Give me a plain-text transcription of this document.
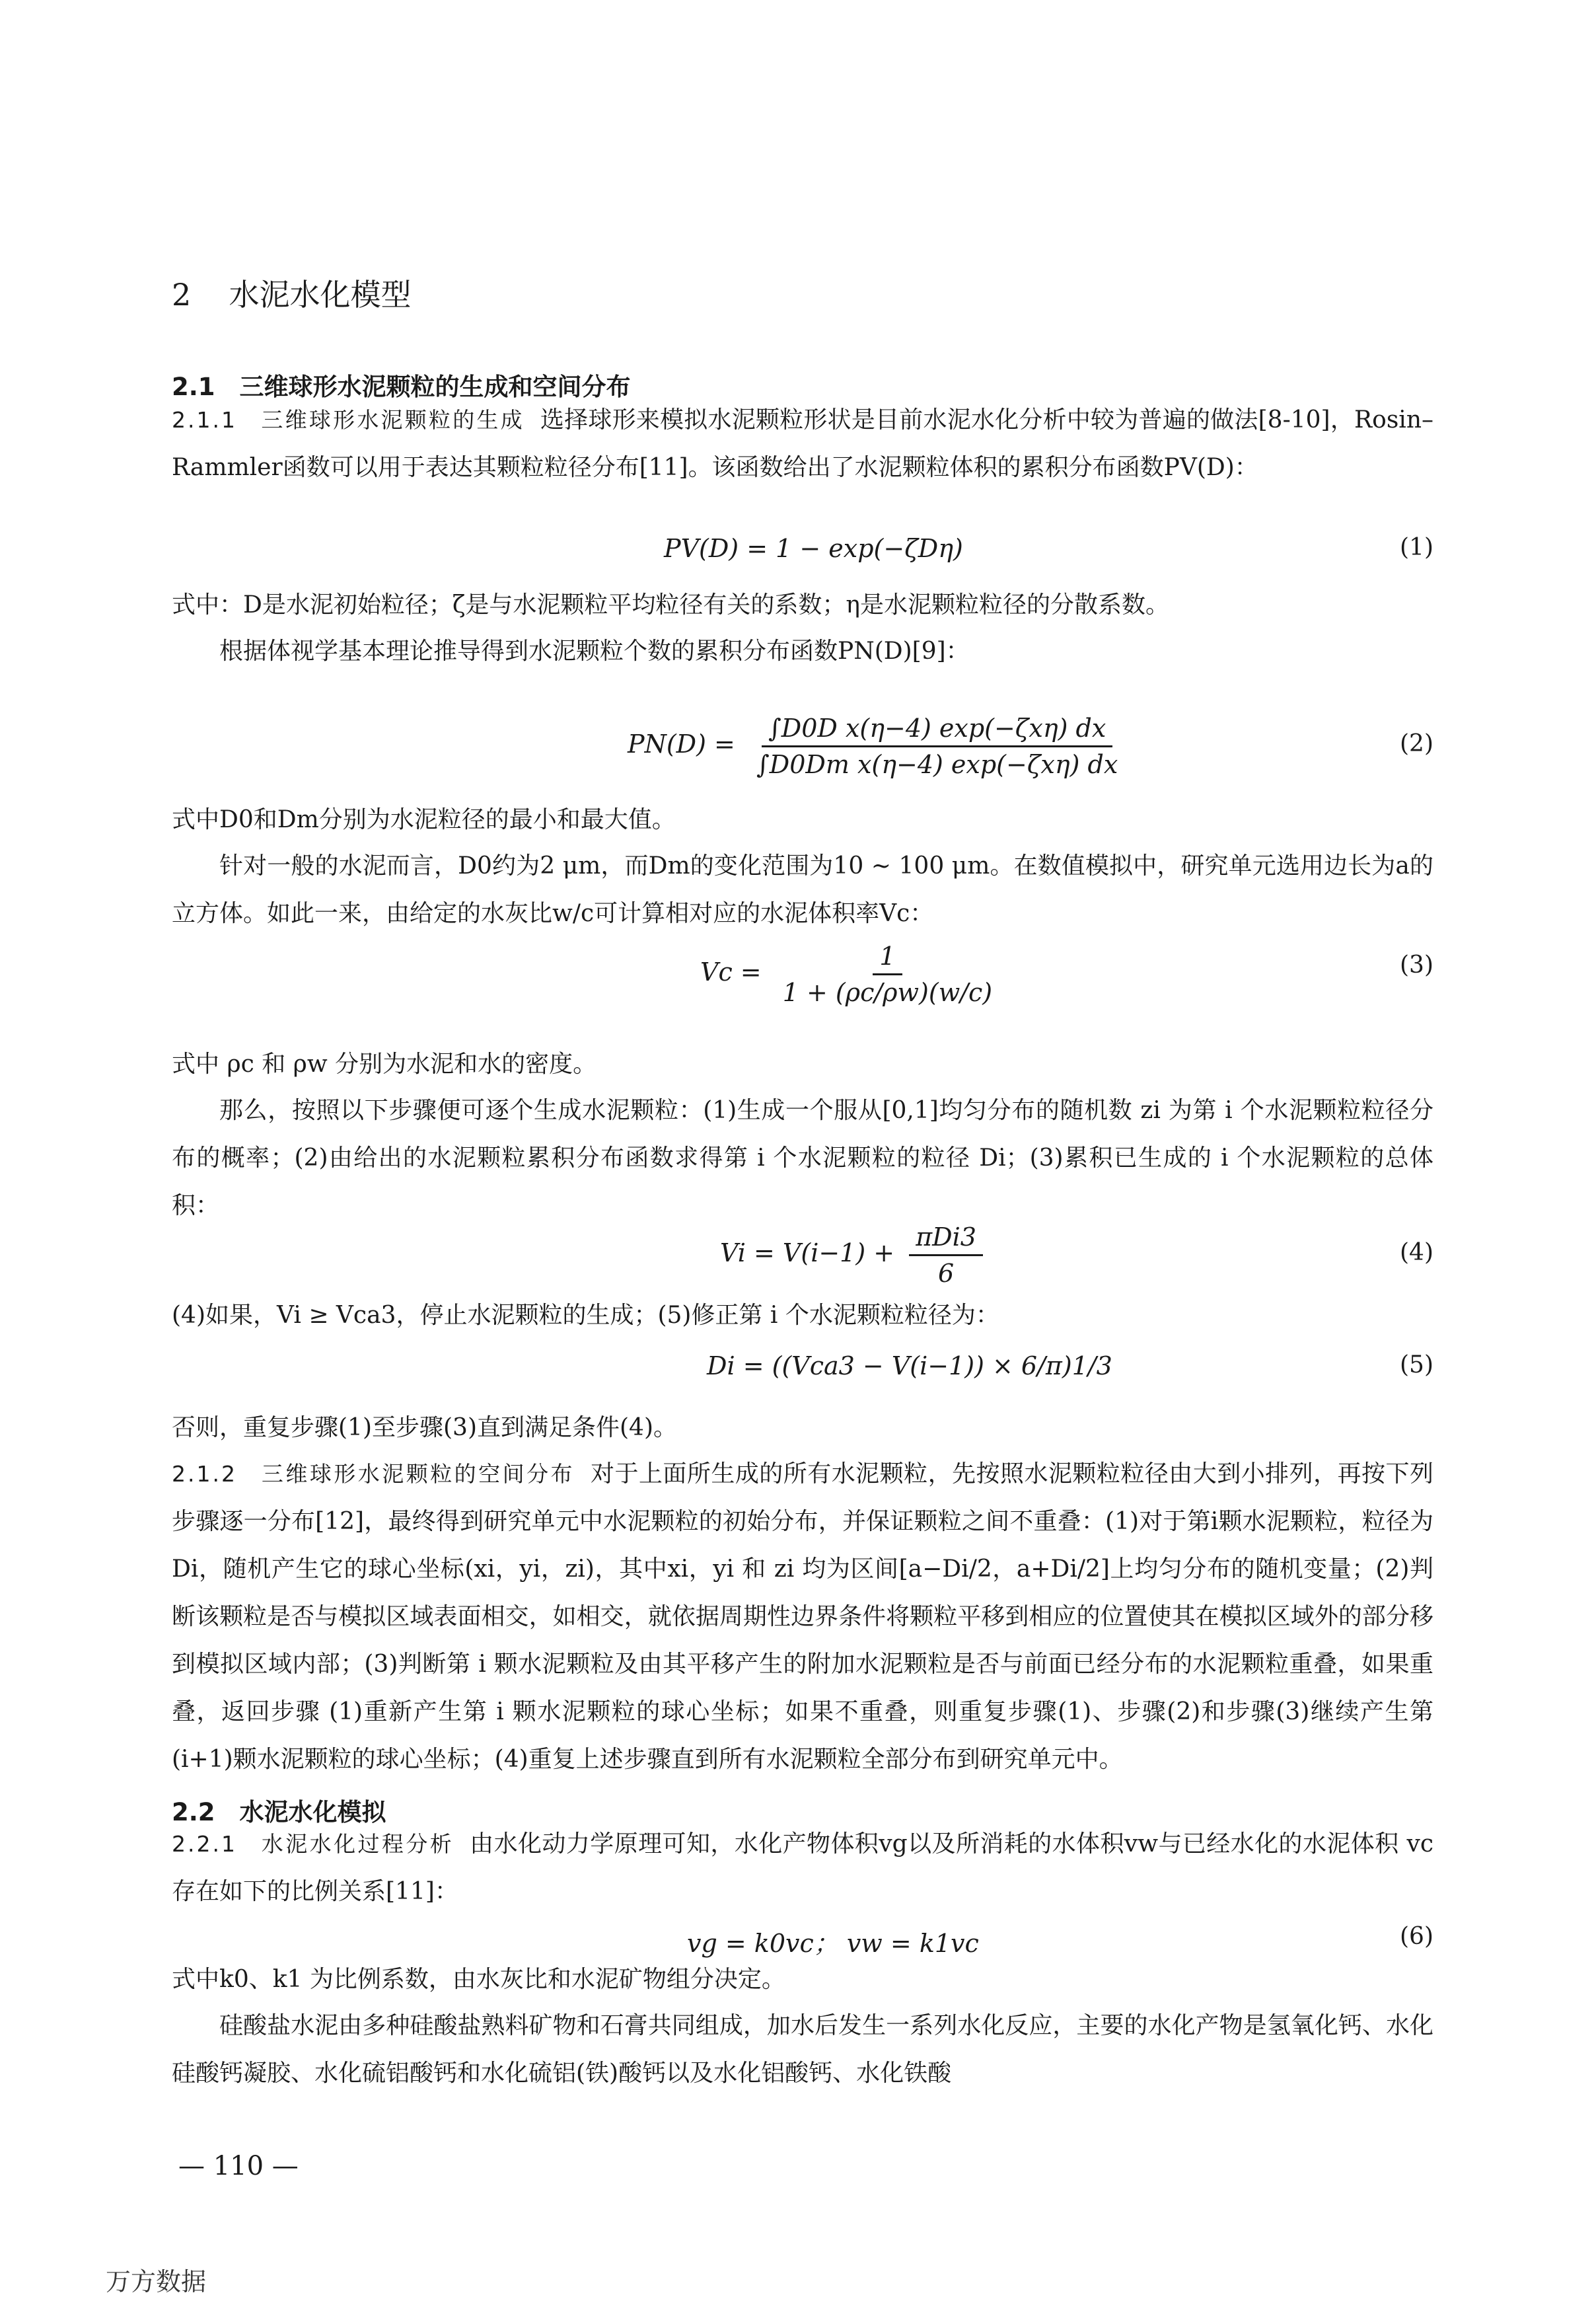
2 水泥水化模型
2.1　三维球形水泥颗粒的生成和空间分布

2.1.1　三维球形水泥颗粒的生成 选择球形来模拟水泥颗粒形状是目前水泥水化分析中较为普遍的做法[8-10]，Rosin–Rammler函数可以用于表达其颗粒粒径分布[11]。该函数给出了水泥颗粒体积的累积分布函数PV(D)：

PV(D) = 1 − exp(−ζDη)	(1)

式中：D是水泥初始粒径；ζ是与水泥颗粒平均粒径有关的系数；η是水泥颗粒粒径的分散系数。

根据体视学基本理论推导得到水泥颗粒个数的累积分布函数PN(D)[9]：

$PN(D) = \frac{\text{∫D0D x(η−4) exp(−ζxη) dx}}{\text{∫D0Dm x(η−4) exp(−ζxη) dx}}$	(2)

式中D0和Dm分别为水泥粒径的最小和最大值。

针对一般的水泥而言，D0约为2 μm，而Dm的变化范围为10 ~ 100 μm。在数值模拟中，研究单元选用边长为a的立方体。如此一来，由给定的水灰比w/c可计算相对应的水泥体积率Vc：

$Vc = \frac{1}{1 + (\rho c/\rho w)(w/c)}$	(3)

式中 ρc 和 ρw 分别为水泥和水的密度。

那么，按照以下步骤便可逐个生成水泥颗粒：(1)生成一个服从[0,1]均匀分布的随机数 zi 为第 i 个水泥颗粒粒径分布的概率；(2)由给出的水泥颗粒累积分布函数求得第 i 个水泥颗粒的粒径 Di；(3)累积已生成的 i 个水泥颗粒的总体积：

$Vi = V(i-1) + \frac{\text{πDi3}}{6}$	(4)

(4)如果，Vi ≥ Vca3，停止水泥颗粒的生成；(5)修正第 i 个水泥颗粒粒径为：

Di = ((Vca3 − V(i−1)) × 6/π)1/3	(5)

否则，重复步骤(1)至步骤(3)直到满足条件(4)。

2.1.2　三维球形水泥颗粒的空间分布 对于上面所生成的所有水泥颗粒，先按照水泥颗粒粒径由大到小排列，再按下列步骤逐一分布[12]，最终得到研究单元中水泥颗粒的初始分布，并保证颗粒之间不重叠：(1)对于第i颗水泥颗粒，粒径为 Di，随机产生它的球心坐标(xi，yi，zi)，其中xi，yi 和 zi 均为区间[a−Di/2，a+Di/2]上均匀分布的随机变量；(2)判断该颗粒是否与模拟区域表面相交，如相交，就依据周期性边界条件将颗粒平移到相应的位置使其在模拟区域外的部分移到模拟区域内部；(3)判断第 i 颗水泥颗粒及由其平移产生的附加水泥颗粒是否与前面已经分布的水泥颗粒重叠，如果重叠，返回步骤 (1)重新产生第 i 颗水泥颗粒的球心坐标；如果不重叠，则重复步骤(1)、步骤(2)和步骤(3)继续产生第(i+1)颗水泥颗粒的球心坐标；(4)重复上述步骤直到所有水泥颗粒全部分布到研究单元中。

2.2　水泥水化模拟

2.2.1　水泥水化过程分析 由水化动力学原理可知，水化产物体积vg以及所消耗的水体积vw与已经水化的水泥体积 vc 存在如下的比例关系[11]：

vg = k0vc； vw = k1vc	(6)

式中k0、k1 为比例系数，由水灰比和水泥矿物组分决定。

硅酸盐水泥由多种硅酸盐熟料矿物和石膏共同组成，加水后发生一系列水化反应，主要的水化产物是氢氧化钙、水化硅酸钙凝胶、水化硫铝酸钙和水化硫铝(铁)酸钙以及水化铝酸钙、水化铁酸

— 110 —
万方数据
